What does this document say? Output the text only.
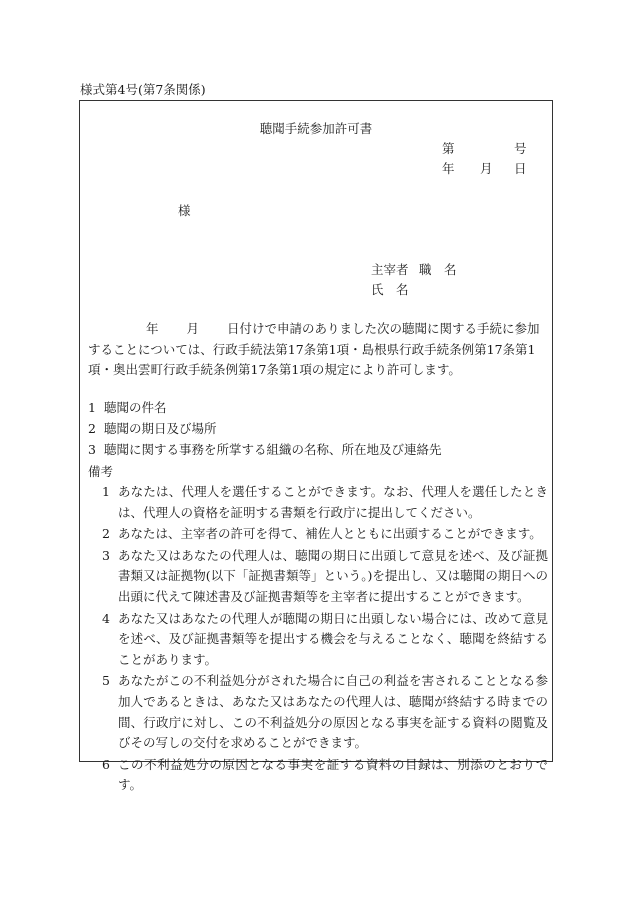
様式第4号(第7条関係)
聴聞手続参加許可書
第	号
年 月 日
様
主宰者 職　名
氏　名
年 月 日付けで申請のありました次の聴聞に関する手続に参加することについては、行政手続法第17条第1項・島根県行政手続条例第17条第1項・奥出雲町行政手続条例第17条第1項の規定により許可します。
1 聴聞の件名
2 聴聞の期日及び場所
3 聴聞に関する事務を所掌する組織の名称、所在地及び連絡先
備考
1 あなたは、代理人を選任することができます。なお、代理人を選任したときは、代理人の資格を証明する書類を行政庁に提出してください。
2 あなたは、主宰者の許可を得て、補佐人とともに出頭することができます。
3 あなた又はあなたの代理人は、聴聞の期日に出頭して意見を述べ、及び証拠書類又は証拠物(以下「証拠書類等」という。)を提出し、又は聴聞の期日への出頭に代えて陳述書及び証拠書類等を主宰者に提出することができます。
4 あなた又はあなたの代理人が聴聞の期日に出頭しない場合には、改めて意見を述べ、及び証拠書類等を提出する機会を与えることなく、聴聞を終結することがあります。
5 あなたがこの不利益処分がされた場合に自己の利益を害されることとなる参加人であるときは、あなた又はあなたの代理人は、聴聞が終結する時までの間、行政庁に対し、この不利益処分の原因となる事実を証する資料の閲覧及びその写しの交付を求めることができます。
6 この不利益処分の原因となる事実を証する資料の目録は、別添のとおりです。
